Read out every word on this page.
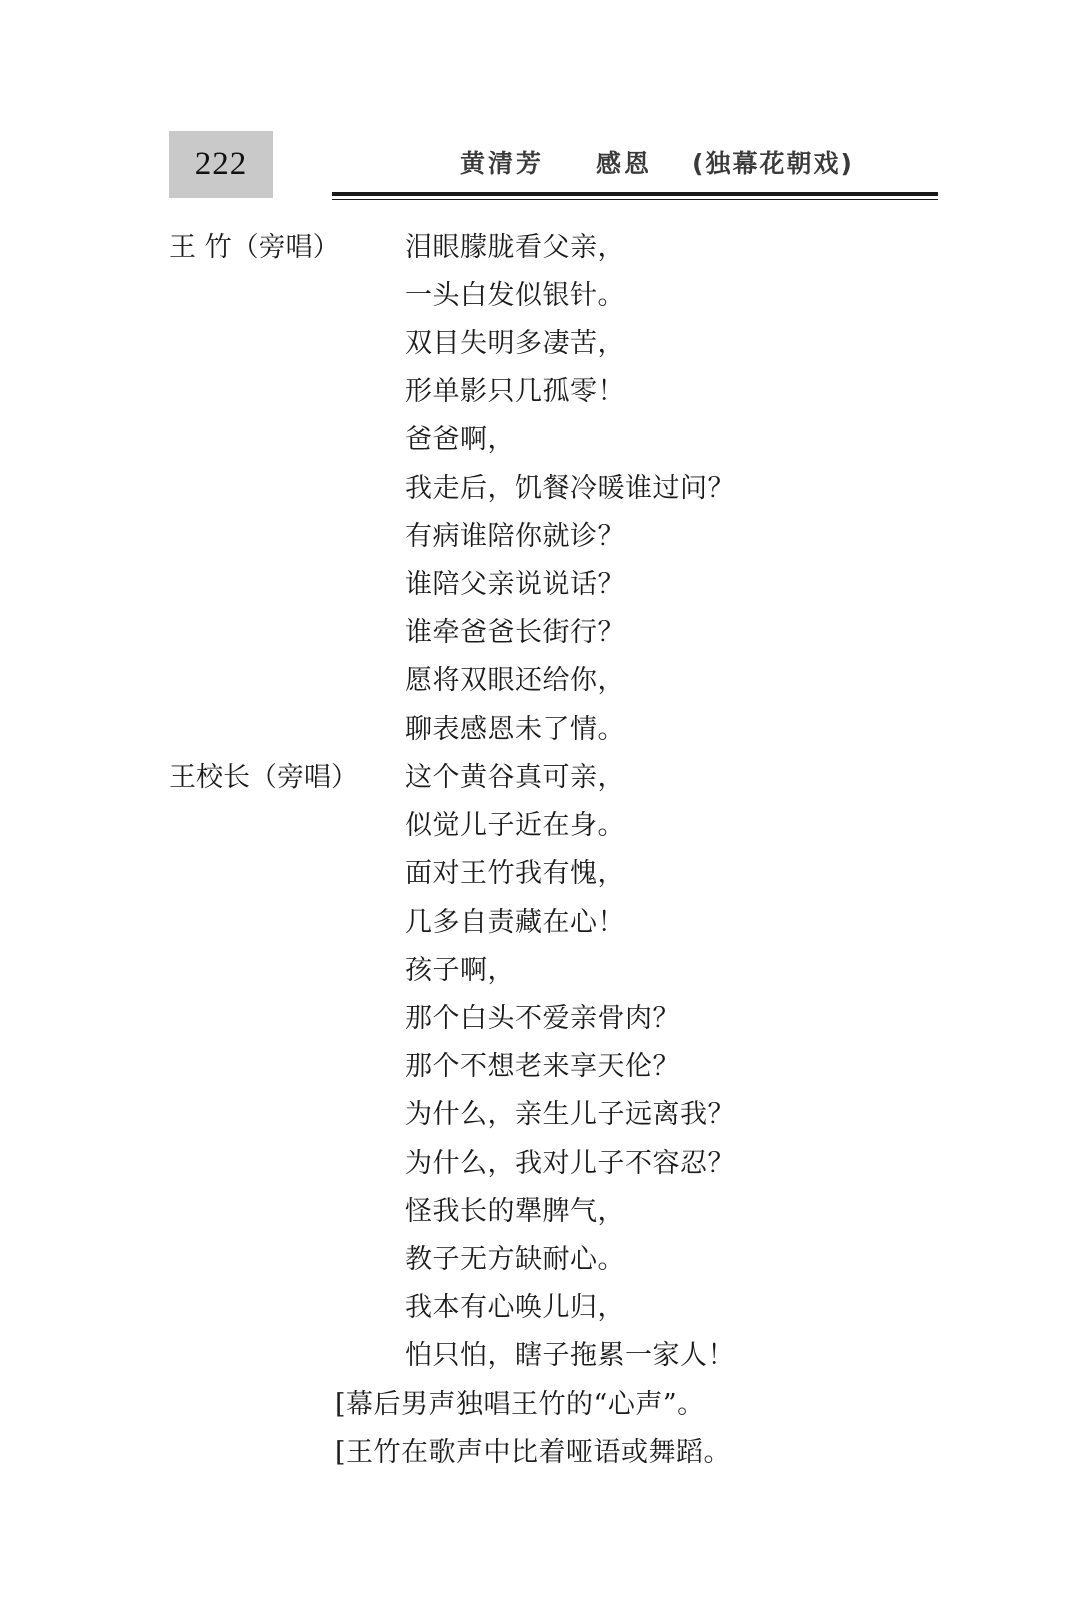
222	黄清芳 感恩 (独幕花朝戏)
王 竹（旁唱） 泪眼朦胧看父亲，
一头白发似银针。
双目失明多凄苦，
形单影只几孤零！
爸爸啊，
我走后，饥餐冷暖谁过问？
有病谁陪你就诊？
谁陪父亲说说话？
谁牵爸爸长街行？
愿将双眼还给你，
聊表感恩未了情。
王校长（旁唱） 这个黄谷真可亲，
似觉儿子近在身。
面对王竹我有愧，
几多自责藏在心！
孩子啊，
那个白头不爱亲骨肉？
那个不想老来享天伦？
为什么，亲生儿子远离我？
为什么，我对儿子不容忍？
怪我长的犟脾气，
教子无方缺耐心。
我本有心唤儿归，
怕只怕，瞎子拖累一家人！
[幕后男声独唱王竹的“心声”。
[王竹在歌声中比着哑语或舞蹈。
